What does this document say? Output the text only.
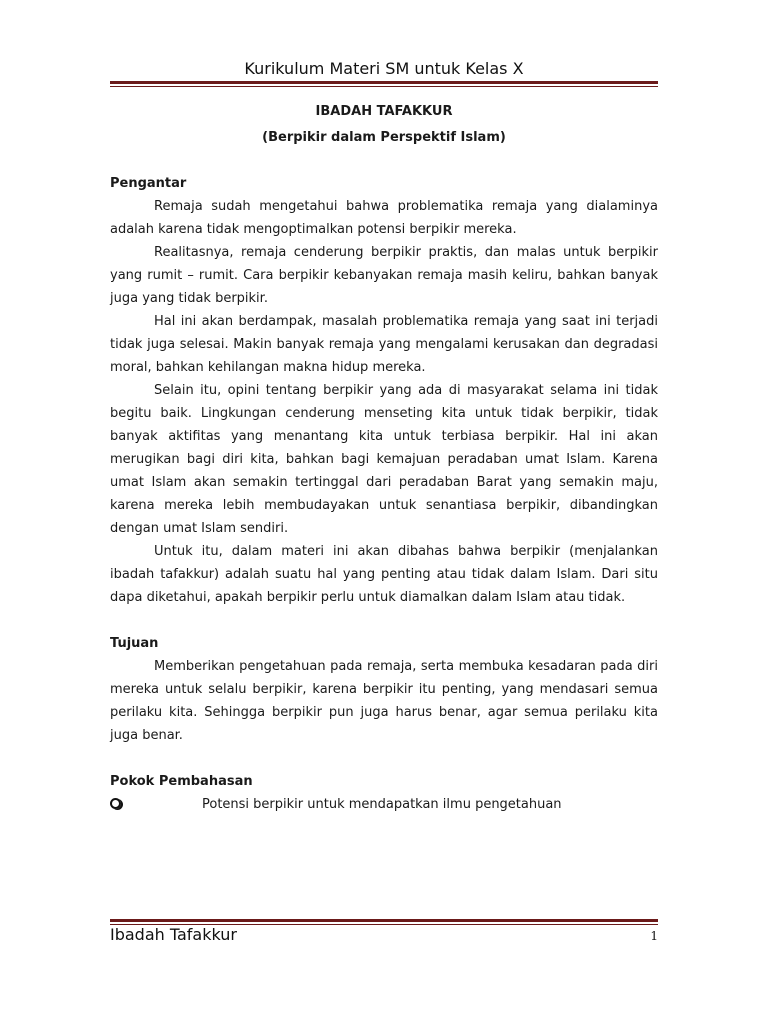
Kurikulum Materi SM untuk Kelas X
IBADAH TAFAKKUR
(Berpikir dalam Perspektif Islam)
Pengantar

Remaja sudah mengetahui bahwa problematika remaja yang dialaminya adalah karena tidak mengoptimalkan potensi berpikir mereka.

Realitasnya, remaja cenderung berpikir praktis, dan malas untuk berpikir yang rumit – rumit. Cara berpikir kebanyakan remaja masih keliru, bahkan banyak juga yang tidak berpikir.

Hal ini akan berdampak, masalah problematika remaja yang saat ini terjadi tidak juga selesai. Makin banyak remaja yang mengalami kerusakan dan degradasi moral, bahkan kehilangan makna hidup mereka.

Selain itu, opini tentang berpikir yang ada di masyarakat selama ini tidak begitu baik. Lingkungan cenderung menseting kita untuk tidak berpikir, tidak banyak aktifitas yang menantang kita untuk terbiasa berpikir. Hal ini akan merugikan bagi diri kita, bahkan bagi kemajuan peradaban umat Islam. Karena umat Islam akan semakin tertinggal dari peradaban Barat yang semakin maju, karena mereka lebih membudayakan untuk senantiasa berpikir, dibandingkan dengan umat Islam sendiri.

Untuk itu, dalam materi ini akan dibahas bahwa berpikir (menjalankan ibadah tafakkur) adalah suatu hal yang penting atau tidak dalam Islam. Dari situ dapa diketahui, apakah berpikir perlu untuk diamalkan dalam Islam atau tidak.

Tujuan

Memberikan pengetahuan pada remaja, serta membuka kesadaran pada diri mereka untuk selalu berpikir, karena berpikir itu penting, yang mendasari semua perilaku kita. Sehingga berpikir pun juga harus benar, agar semua perilaku kita juga benar.

Pokok Pembahasan
Potensi berpikir untuk mendapatkan ilmu pengetahuan
Ibadah Tafakkur	1
